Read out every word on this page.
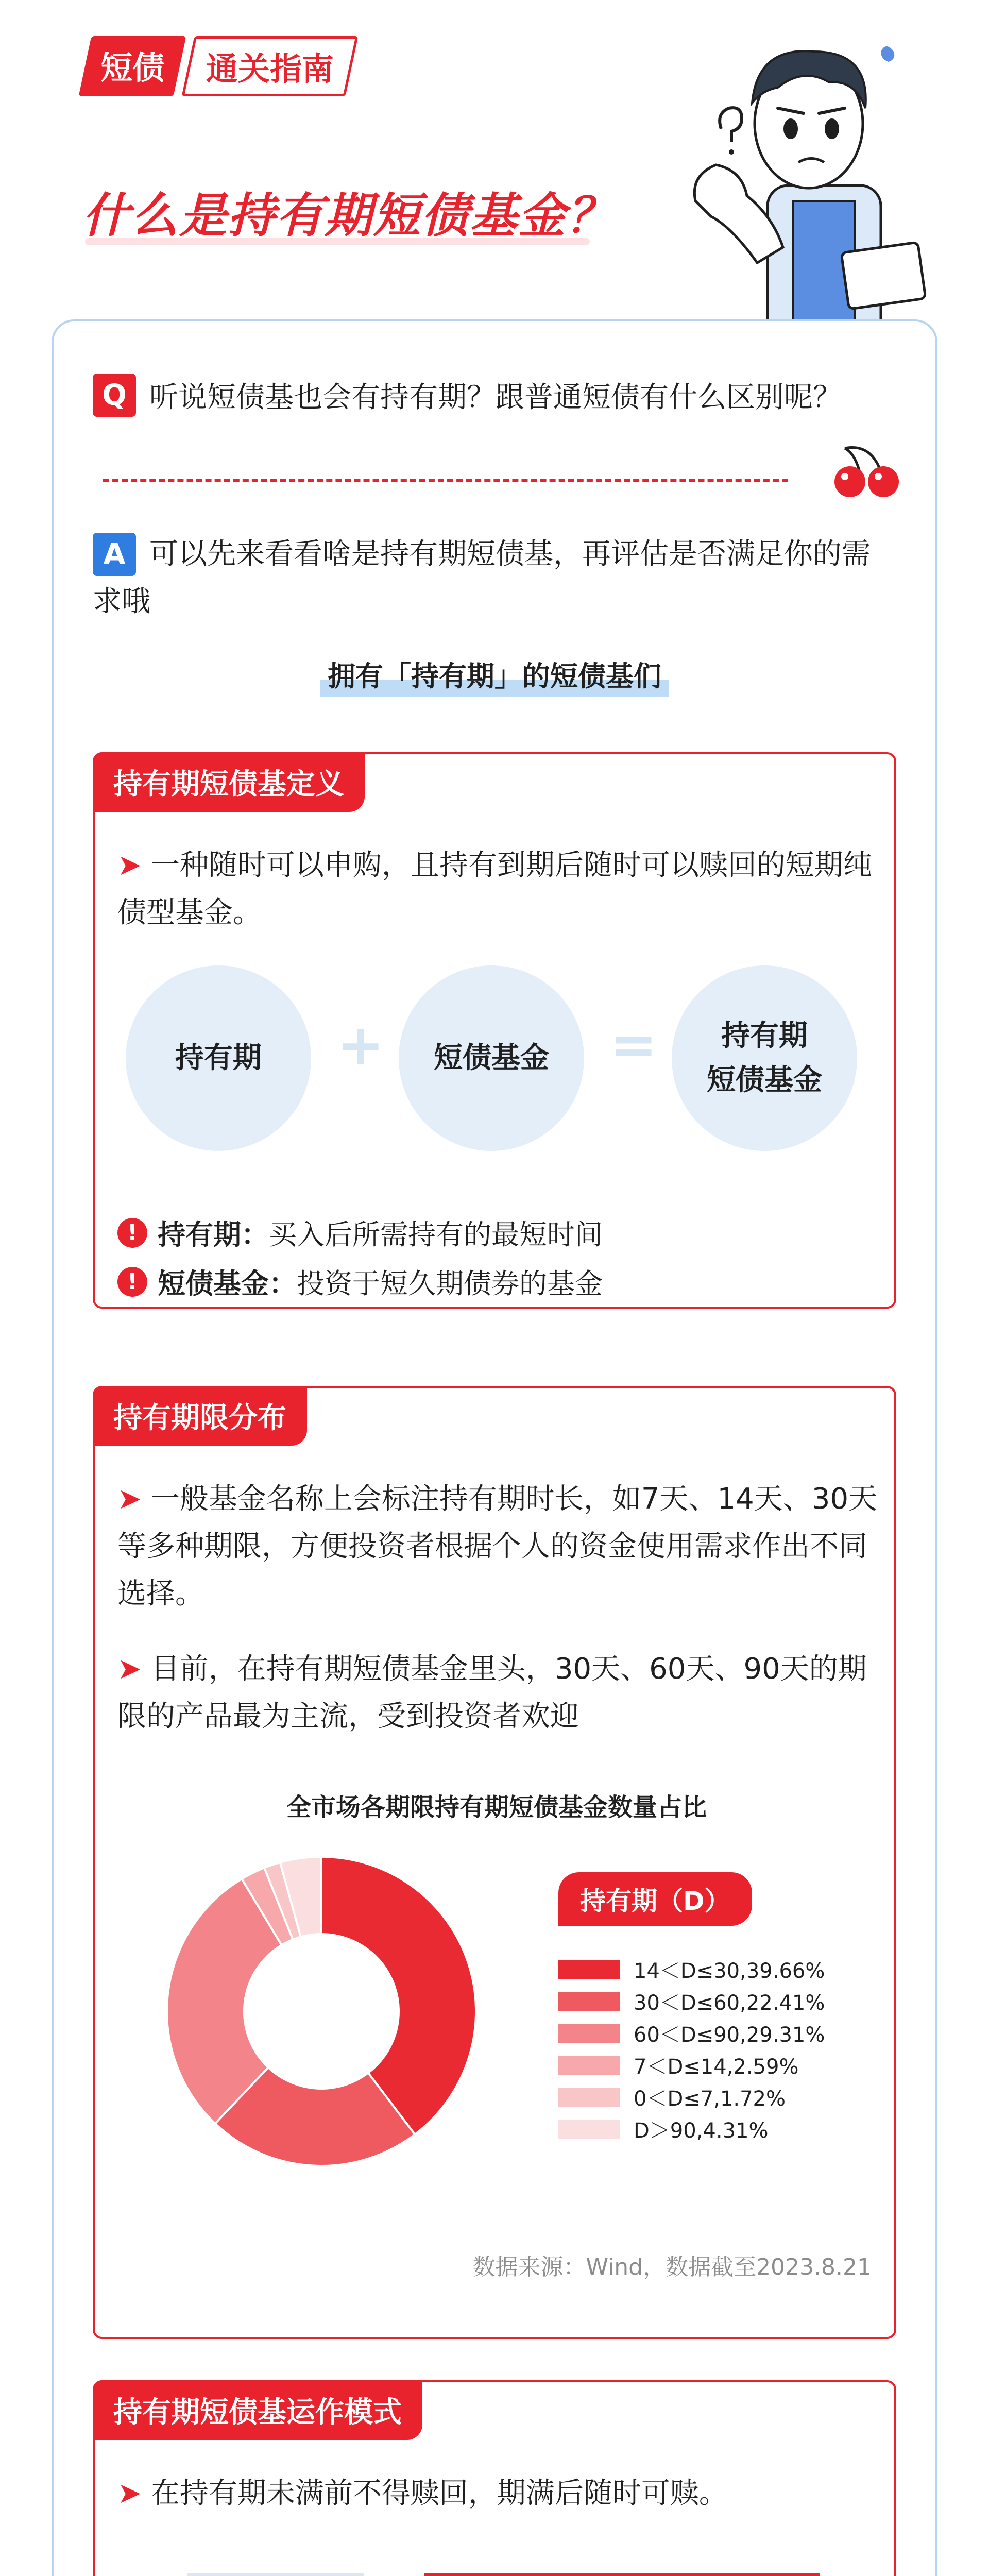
短债	通关指南
什么是持有期短债基金？
Q 听说短债基也会有持有期？跟普通短债有什么区别呢？
A 可以先来看看啥是持有期短债基，再评估是否满足你的需求哦
拥有「持有期」的短债基们
持有期短债基定义
➤ 一种随时可以申购，且持有到期后随时可以赎回的短期纯债型基金。
持有期	+	短债基金	= 持有期
短债基金
! 持有期： 买入后所需持有的最短时间
! 短债基金： 投资于短久期债券的基金
持有期限分布
➤ 一般基金名称上会标注持有期时长，如7天、14天、30天等多种期限，方便投资者根据个人的资金使用需求作出不同选择。
➤ 目前，在持有期短债基金里头，30天、60天、90天的期限的产品最为主流，受到投资者欢迎
全市场各期限持有期短债基金数量占比
持有期（D）
14＜D≤30,39.66%
30＜D≤60,22.41%
60＜D≤90,29.31%
7＜D≤14,2.59%
0＜D≤7,1.72%
D＞90,4.31%
数据来源：Wind，数据截至2023.8.21
持有期短债基运作模式
➤ 在持有期未满前不得赎回，期满后随时可赎。
